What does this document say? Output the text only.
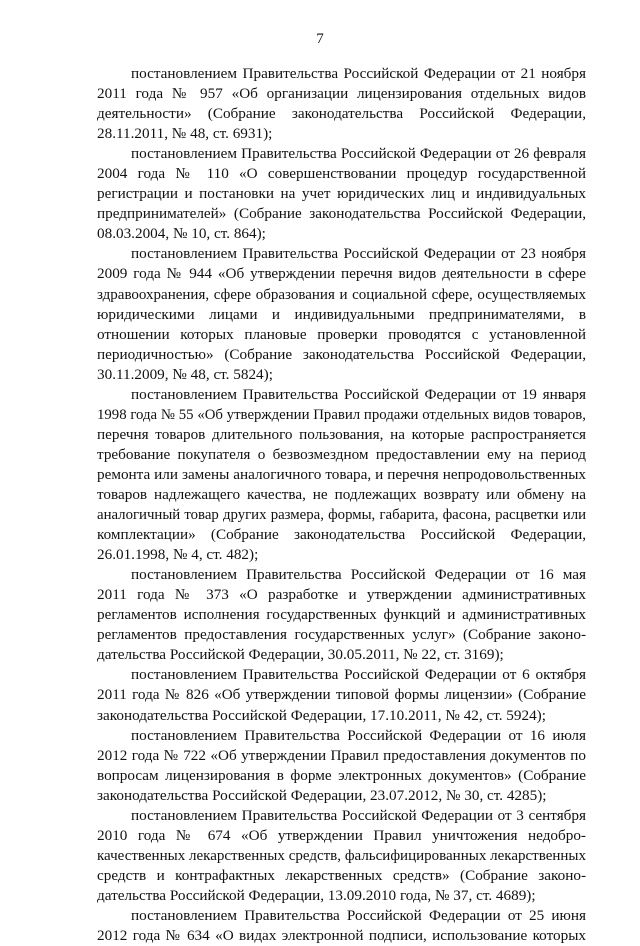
7
постановлением Правительства Российской Федерации от 21 ноября
2011 года № 957 «Об организации лицензирования отдельных видов
деятельности» (Собрание законодательства Российской Федерации,
28.11.2011, № 48, ст. 6931);
постановлением Правительства Российской Федерации от 26 февраля
2004 года № 110 «О совершенствовании процедур государственной
регистрации и постановки на учет юридических лиц и индивидуальных
предпринимателей» (Собрание законодательства Российской Федерации,
08.03.2004, № 10, ст. 864);
постановлением Правительства Российской Федерации от 23 ноября
2009 года № 944 «Об утверждении перечня видов деятельности в сфере
здравоохранения, сфере образования и социальной сфере, осуществляемых
юридическими лицами и индивидуальными предпринимателями, в
отношении которых плановые проверки проводятся с установленной
периодичностью» (Собрание законодательства Российской Федерации,
30.11.2009, № 48, ст. 5824);
постановлением Правительства Российской Федерации от 19 января
1998 года № 55 «Об утверждении Правил продажи отдельных видов товаров,
перечня товаров длительного пользования, на которые распространяется
требование покупателя о безвозмездном предоставлении ему на период
ремонта или замены аналогичного товара, и перечня непродовольственных
товаров надлежащего качества, не подлежащих возврату или обмену на
аналогичный товар других размера, формы, габарита, фасона, расцветки или
комплектации» (Собрание законодательства Российской Федерации,
26.01.1998, № 4, ст. 482);
постановлением Правительства Российской Федерации от 16 мая
2011 года № 373 «О разработке и утверждении административных
регламентов исполнения государственных функций и административных
регламентов предоставления государственных услуг» (Собрание законо-
дательства Российской Федерации, 30.05.2011, № 22, ст. 3169);
постановлением Правительства Российской Федерации от 6 октября
2011 года № 826 «Об утверждении типовой формы лицензии» (Собрание
законодательства Российской Федерации, 17.10.2011, № 42, ст. 5924);
постановлением Правительства Российской Федерации от 16 июля
2012 года № 722 «Об утверждении Правил предоставления документов по
вопросам лицензирования в форме электронных документов» (Собрание
законодательства Российской Федерации, 23.07.2012, № 30, ст. 4285);
постановлением Правительства Российской Федерации от 3 сентября
2010 года № 674 «Об утверждении Правил уничтожения недобро-
качественных лекарственных средств, фальсифицированных лекарственных
средств и контрафактных лекарственных средств» (Собрание законо-
дательства Российской Федерации, 13.09.2010 года, № 37, ст. 4689);
постановлением Правительства Российской Федерации от 25 июня
2012 года № 634 «О видах электронной подписи, использование которых
